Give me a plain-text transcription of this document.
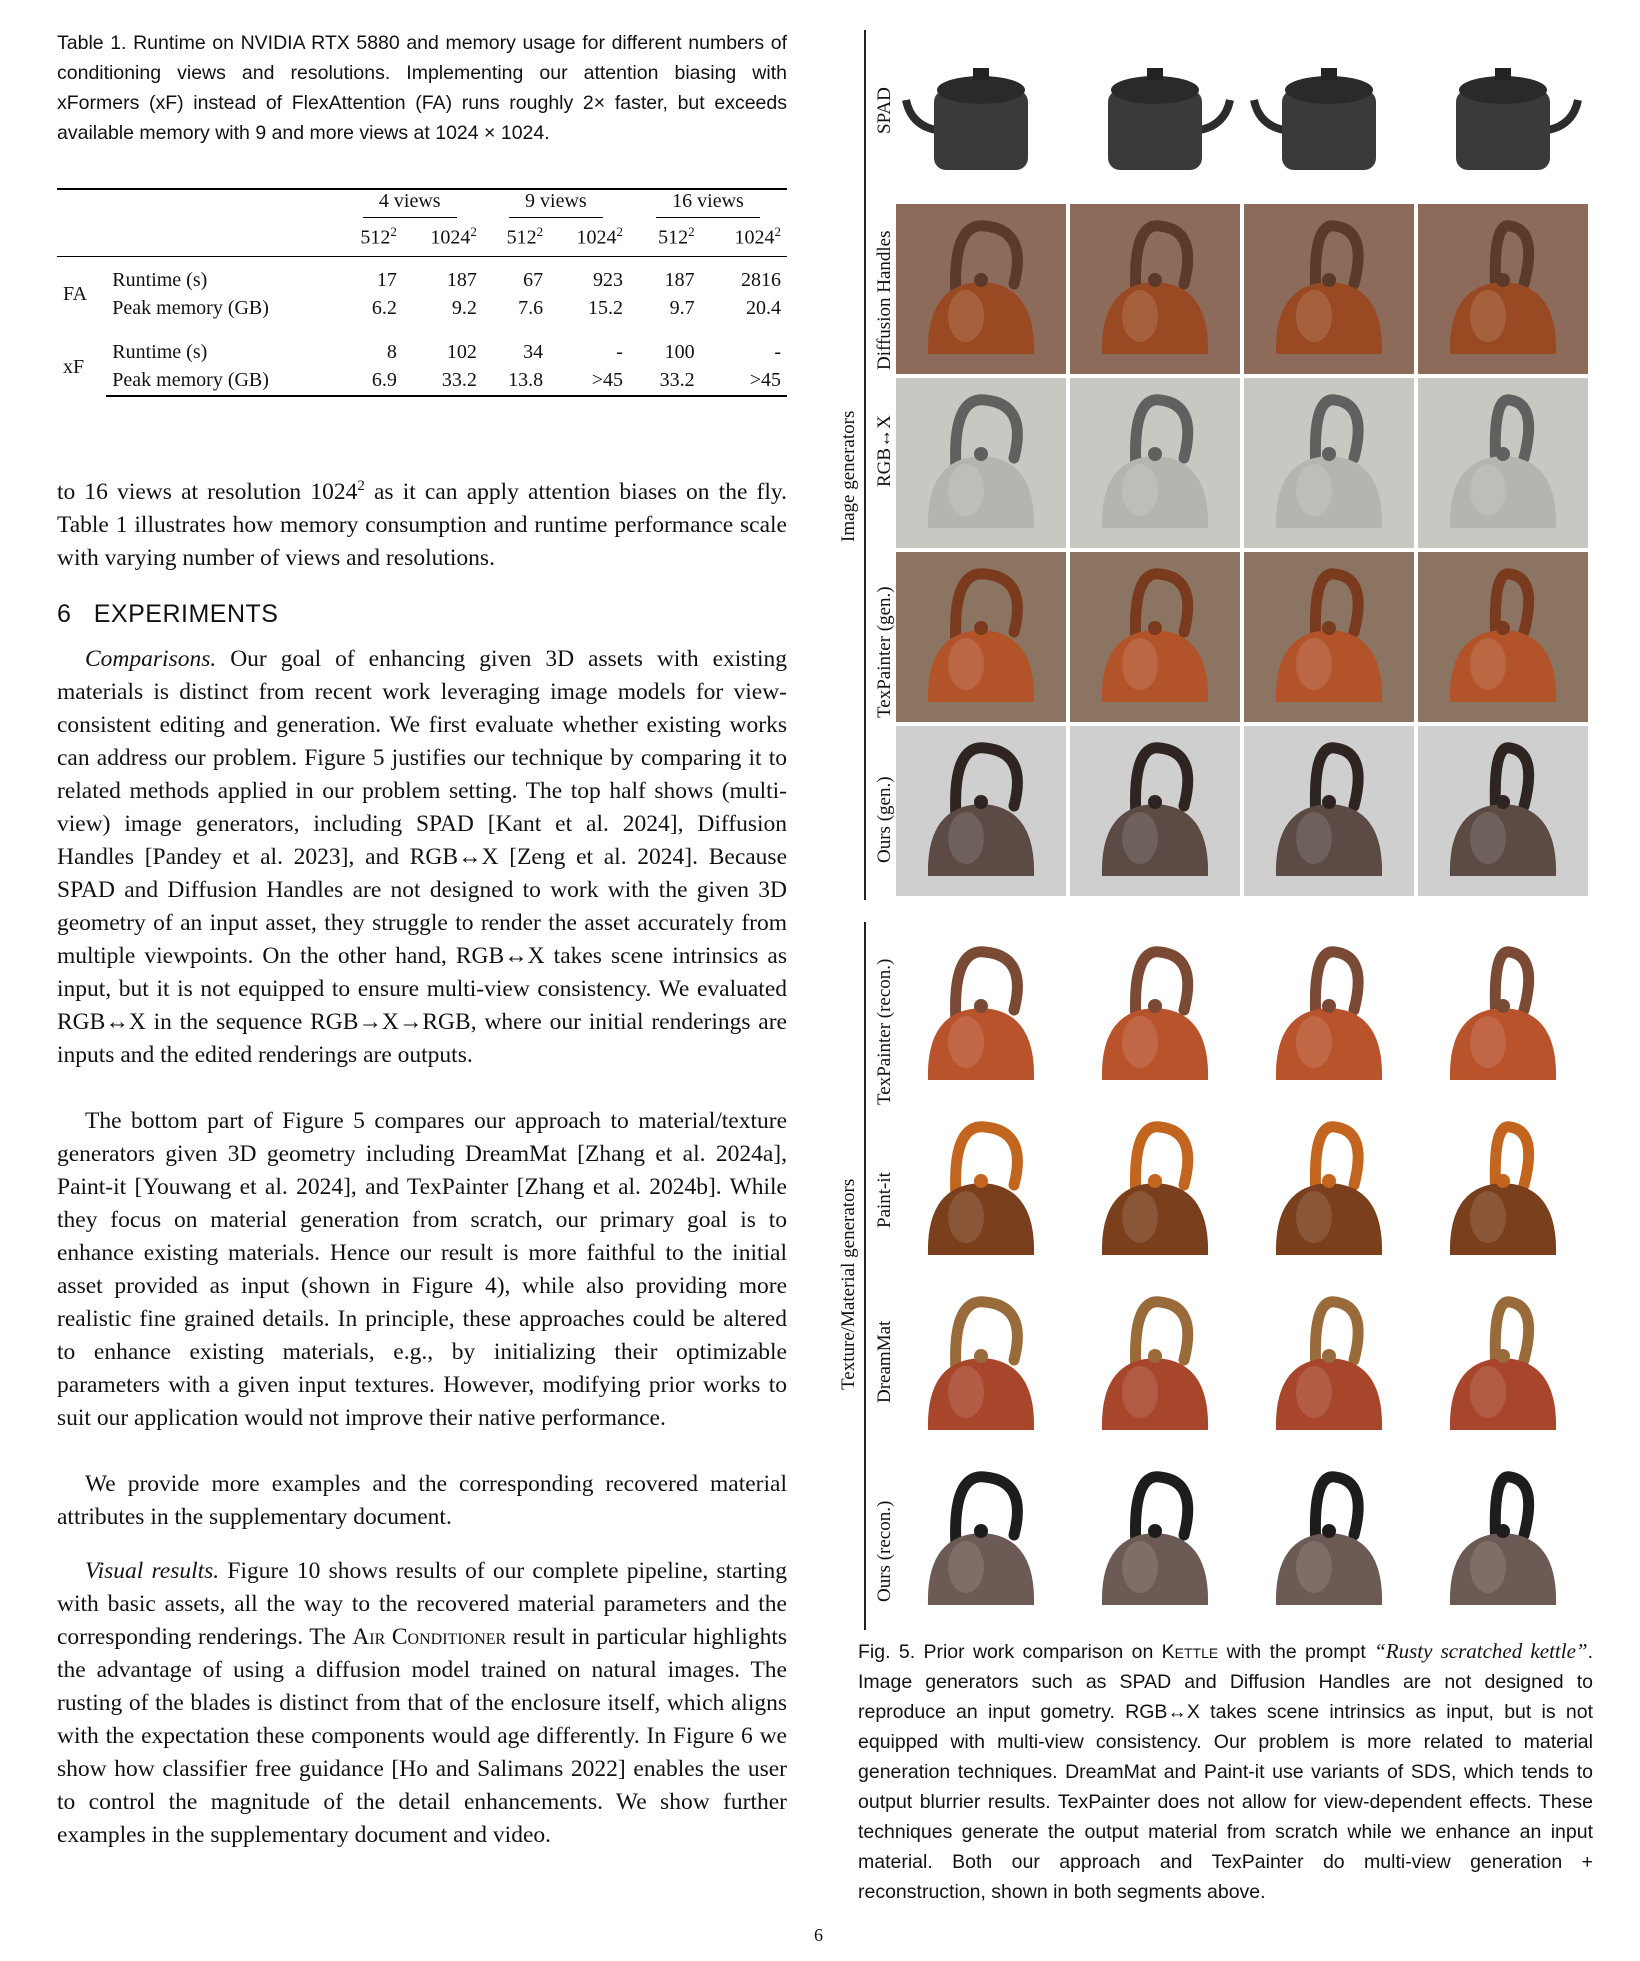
Table 1. Runtime on NVIDIA RTX 5880 and memory usage for different numbers of conditioning views and resolutions. Implementing our attention biasing with xFormers (xF) instead of FlexAttention (FA) runs roughly 2× faster, but exceeds available memory with 9 and more views at 1024 × 1024.

		4 views		9 views		16 views	
		$512^2$	1024$^2$	$512^2$	1024$^2$	$512^2$	1024$^2$

FA	Runtime (s)	17	187	67	923	187	2816
	Peak memory (GB)	6.2	9.2	7.6	15.2	9.7	20.4

xF	Runtime (s)	8	102	34	-	100	-
	Peak memory (GB)	6.9	33.2	13.8	>45	33.2	>45

to 16 views at resolution 1024$^2$ as it can apply attention biases on the fly. Table 1 illustrates how memory consumption and runtime performance scale with varying number of views and resolutions.

6 EXPERIMENTS

Comparisons. Our goal of enhancing given 3D assets with existing materials is distinct from recent work leveraging image models for view-consistent editing and generation. We first evaluate whether existing works can address our problem. Figure 5 justifies our technique by comparing it to related methods applied in our problem setting. The top half shows (multi-view) image generators, including SPAD [Kant et al. 2024], Diffusion Handles [Pandey et al. 2023], and RGB↔X [Zeng et al. 2024]. Because SPAD and Diffusion Handles are not designed to work with the given 3D geometry of an input asset, they struggle to render the asset accurately from multiple viewpoints. On the other hand, RGB↔X takes scene intrinsics as input, but it is not equipped to ensure multi-view consistency. We evaluated RGB↔X in the sequence RGB→X→RGB, where our initial renderings are inputs and the edited renderings are outputs.

The bottom part of Figure 5 compares our approach to material/texture generators given 3D geometry including DreamMat [Zhang et al. 2024a], Paint-it [Youwang et al. 2024], and TexPainter [Zhang et al. 2024b]. While they focus on material generation from scratch, our primary goal is to enhance existing materials. Hence our result is more faithful to the initial asset provided as input (shown in Figure 4), while also providing more realistic fine grained details. In principle, these approaches could be altered to enhance existing materials, e.g., by initializing their optimizable parameters with a given input textures. However, modifying prior works to suit our application would not improve their native performance.

We provide more examples and the corresponding recovered material attributes in the supplementary document.

Visual results. Figure 10 shows results of our complete pipeline, starting with basic assets, all the way to the recovered material parameters and the corresponding renderings. The Air Conditioner result in particular highlights the advantage of using a diffusion model trained on natural images. The rusting of the blades is distinct from that of the enclosure itself, which aligns with the expectation these components would age differently. In Figure 6 we show how classifier free guidance [Ho and Salimans 2022] enables the user to control the magnitude of the detail enhancements. We show further examples in the supplementary document and video.

Image generators
Texture/Material generators
SPAD
Diffusion Handles
RGB↔X
TexPainter (gen.)
Ours (gen.)
TexPainter (recon.)
Paint-it
DreamMat
Ours (recon.)

Fig. 5. Prior work comparison on Kettle with the prompt “Rusty scratched kettle”. Image generators such as SPAD and Diffusion Handles are not designed to reproduce an input gometry. RGB↔X takes scene intrinsics as input, but is not equipped with multi-view consistency. Our problem is more related to material generation techniques. DreamMat and Paint-it use variants of SDS, which tends to output blurrier results. TexPainter does not allow for view-dependent effects. These techniques generate the output material from scratch while we enhance an input material. Both our approach and TexPainter do multi-view generation + reconstruction, shown in both segments above.

6
